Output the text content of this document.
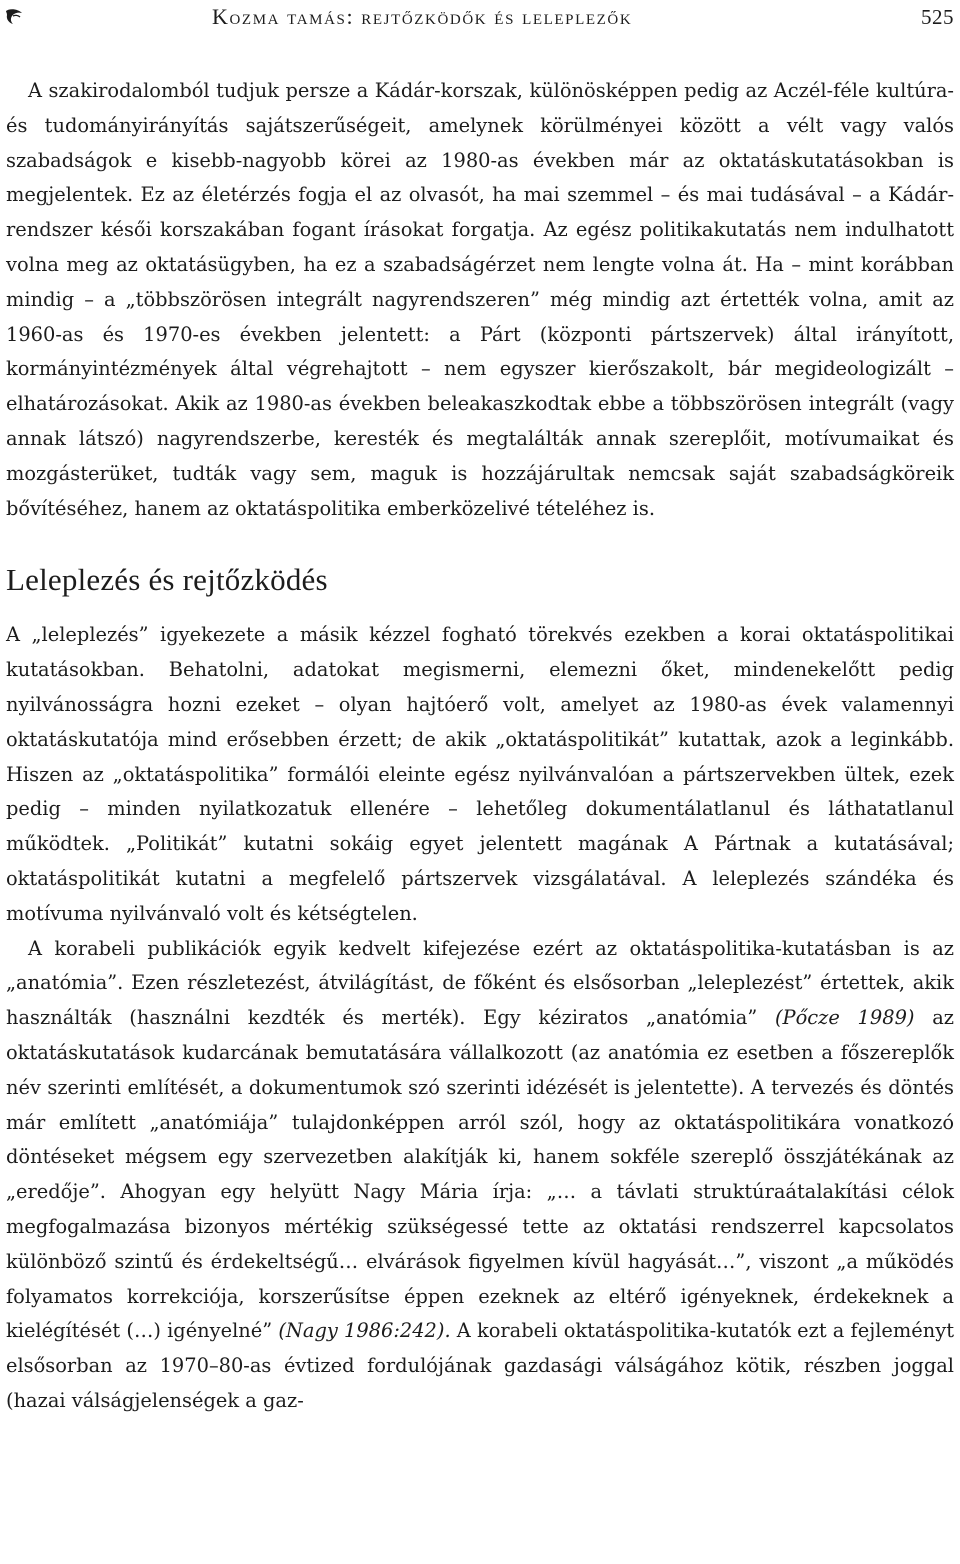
Kozma tamás: rejtőzködők és leleplezők	525

A szakirodalomból tudjuk persze a Kádár-korszak, különösképpen pedig az Aczél-féle kultúra- és tudományirányítás sajátszerűségeit, amelynek körülményei között a vélt vagy valós szabadságok e kisebb-nagyobb körei az 1980-as években már az oktatáskutatásokban is megjelentek. Ez az életérzés fogja el az olvasót, ha mai szemmel – és mai tudásával – a Kádár-rendszer késői korszakában fogant írásokat forgatja. Az egész politikakutatás nem indulhatott volna meg az oktatásügyben, ha ez a szabadságérzet nem lengte volna át. Ha – mint korábban mindig – a „többszörösen integrált nagyrendszeren” még mindig azt értették volna, amit az 1960-as és 1970-es években jelentett: a Párt (központi pártszervek) által irányított, kormányintézmények által végrehajtott – nem egyszer kierőszakolt, bár megideologizált – elhatározásokat. Akik az 1980-as években beleakaszkodtak ebbe a többszörösen integrált (vagy annak látszó) nagyrendszerbe, keresték és megtalálták annak szereplőit, motívumaikat és mozgásterüket, tudták vagy sem, maguk is hozzájárultak nemcsak saját szabadságköreik bővítéséhez, hanem az oktatáspolitika emberközelivé tételéhez is.

Leleplezés és rejtőzködés

A „leleplezés” igyekezete a másik kézzel fogható törekvés ezekben a korai oktatáspolitikai kutatásokban. Behatolni, adatokat megismerni, elemezni őket, mindenekelőtt pedig nyilvánosságra hozni ezeket – olyan hajtóerő volt, amelyet az 1980-as évek valamennyi oktatáskutatója mind erősebben érzett; de akik „oktatáspolitikát” kutattak, azok a leginkább. Hiszen az „oktatáspolitika” formálói eleinte egész nyilvánvalóan a pártszervekben ültek, ezek pedig – minden nyilatkozatuk ellenére – lehetőleg dokumentálatlanul és láthatatlanul működtek. „Politikát” kutatni sokáig egyet jelentett magának A Pártnak a kutatásával; oktatáspolitikát kutatni a megfelelő pártszervek vizsgálatával. A leleplezés szándéka és motívuma nyilvánvaló volt és kétségtelen.

A korabeli publikációk egyik kedvelt kifejezése ezért az oktatáspolitika-kutatásban is az „anatómia”. Ezen részletezést, átvilágítást, de főként és elsősorban „leleplezést” értettek, akik használták (használni kezdték és merték). Egy kéziratos „anatómia” (Pőcze 1989) az oktatáskutatások kudarcának bemutatására vállalkozott (az anatómia ez esetben a főszereplők név szerinti említését, a dokumentumok szó szerinti idézését is jelentette). A tervezés és döntés már említett „anatómiája” tulajdonképpen arról szól, hogy az oktatáspolitikára vonatkozó döntéseket mégsem egy szervezetben alakítják ki, hanem sokféle szereplő összjátékának az „eredője”. Ahogyan egy helyütt Nagy Mária írja: „… a távlati struktúraátalakítási célok megfogalmazása bizonyos mértékig szükségessé tette az oktatási rendszerrel kapcsolatos különböző szintű és érdekeltségű… elvárások figyelmen kívül hagyását…”, viszont „a működés folyamatos korrekciója, korszerűsítse éppen ezeknek az eltérő igényeknek, érdekeknek a kielégítését (…) igényelné” (Nagy 1986:242). A korabeli oktatáspolitika-kutatók ezt a fejleményt elsősorban az 1970–80-as évtized fordulójának gazdasági válságához kötik, részben joggal (hazai válságjelenségek a gaz-
